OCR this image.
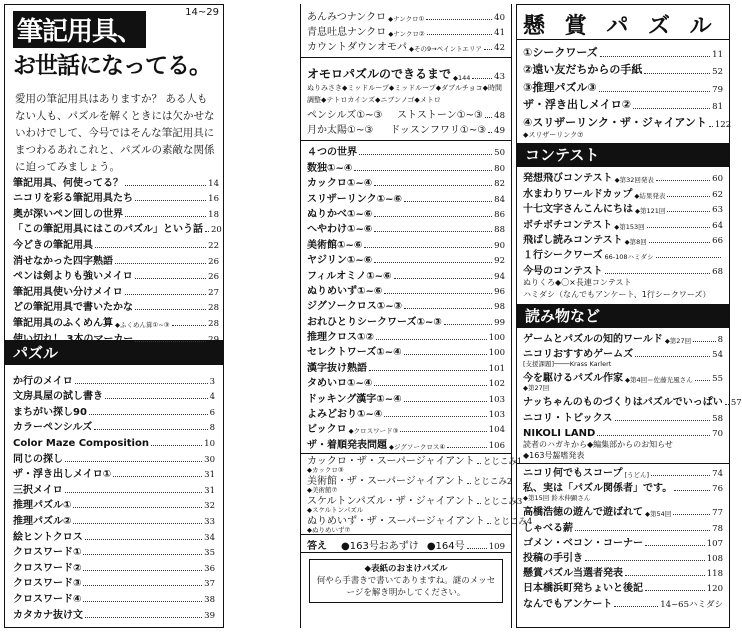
筆記用具、
お世話になってる。
14~29
愛用の筆記用具はありますか？ ある人もない人も、パズルを解くときには欠かせないわけでして、今号ではそんな筆記用具にまつわるあれこれと、パズルの素敵な関係に迫ってみましょう。
筆記用具、何使ってる？	14
ニコリを彩る筆記用具たち	16
奥が深いペン回しの世界	18
「この筆記用具にはこのパズル」という話 20
今どきの筆記用具	22
消せなかった四字熟語	26
ペンは剣よりも強いメイロ	26
筆記用具使い分けメイロ	27
どの筆記用具で書いたかな	28
筆記用具のふくめん算 ◆ふくめん算①~③	28
使い切れ！ 3本のマーカー	29
パズル
か行のメイロ	3
文房具屋の試し書き	4
まちがい探し90	6
カラーペンシルズ	8
Color Maze Composition	10
同じの探し	30
ザ・浮き出しメイロ①	31
三択メイロ	31
推理パズル①	32
推理パズル②	33
絵ヒントクロス	34
クロスワード①	35
クロスワード②	36
クロスワード③	37
クロスワード④	38
カタカナ抜け文	39
あんみつナンクロ ◆ナンクロ①	40
青息吐息ナンクロ ◆ナンクロ②	41
カウントダウンオモパ ◆その9→ペイントエリア 42
オモロパズルのできるまで ◆144	43
ぬりみさき◆ミッドループ◆ミッドループ◆ダブルチョコ◆時間調整◆テトロカインズ◆ニブンノゴ◆メトロ
ペンシルズ①~③ ストストーン①~③ 48
月か太陽①~③ ドッスンフワリ①~③ 49
４つの世界	50
数独①~④	80
カックロ①~④	82
スリザーリンク①~⑥	84
ぬりかべ①~⑥	86
へやわけ①~⑥	88
美術館①~⑥	90
ヤジリン①~⑥	92
フィルオミノ①~⑥	94
ぬりめいず①~⑥	96
ジグソークロス①~③	98
おれひとりシークワーズ①~③	99
推理クロス①②	100
セレクトワーズ①~④	100
漢字抜け熟語	101
タめいロ①~④	102
ドッキング漢字①~④	103
よみどおり①~④	103
ビックロ ◆クロスワード③	104
ザ・着順発表問題 ◆ジグソークロス④	106
カックロ・ザ・スーパージャイアント とじこみ1
◆カックロ③
美術館・ザ・スーパージャイアント とじこみ2
◆美術館⑦
スケルトンパズル・ザ・ジャイアント とじこみ3
◆スケルトンパズル
ぬりめいず・ザ・スーパージャイアント とじこみ4
◆ぬりめいず⑦
答え ●163号おあずけ ●164号	109
◆表紙のおまけパズル
何やら手書きで書いてありますね。謎のメッセージを解き明かしてください。
懸 賞 パ ズ ル
①シークワーズ	11
②遠い友だちからの手紙	52
③推理パズル③	79
ザ・浮き出しメイロ②	81
④スリザーリンク・ザ・ジャイアント 122
◆スリザーリンク⑦
コンテスト
発想飛びコンテスト ◆第32回発表	60
水まわりワールドカップ ◆結果発表	62
十七文字さんこんにちは ◆第121回	63
ボチボチコンテスト ◆第153回	64
飛ばし読みコンテスト ◆第8回	66
１行シークワーズ 66-108ハミダシ
今号のコンテスト	68
ぬりくろ◆〇×長連コンテスト
ハミダシ（なんでもアンケート、1行シークワーズ）
読み物など
ゲームとパズルの知的ワールド ◆第27回	8
ニコリおすすめゲームズ	54
[支援課題]────Krass Karlert
今を駆けるパズル作家 ◆第4回＝佐藤光風さん 55
◆第27回
ナッちゃんのものづくりはパズルでいっぱい 57
ニコリ・トピックス	58
NIKOLI LAND	70
読者のハガキから◆編集部からのお知らせ
◆163号齧嗜発表
ニコリ何でもスコープ [うどん]	74
私、実は「パズル関係者」です。	76
◆第15回 鈴木伸顕さん
高橋浩徳の遊んで遊ばれて ◆第54回	77
しゃべる薪	78
ゴメン・ベコン・コーナー	107
投稿の手引き	108
懸賞パズル当選者発表	118
日本橋浜町発ちょいと後記	120
なんでもアンケート	14~65ハミダシ
